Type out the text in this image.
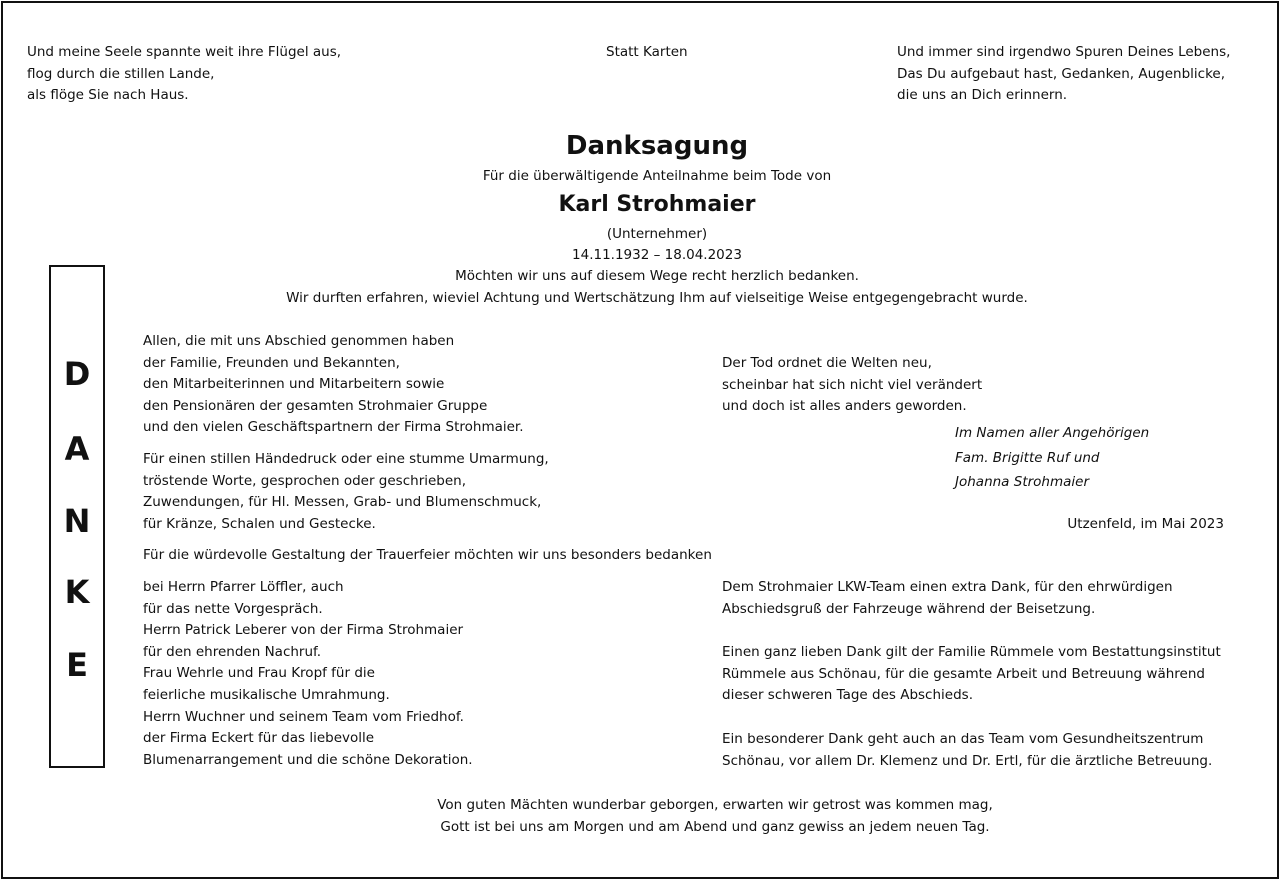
Und meine Seele spannte weit ihre Flügel aus,
flog durch die stillen Lande,
als flöge Sie nach Haus.
Statt Karten	Und immer sind irgendwo Spuren Deines Lebens,
Das Du aufgebaut hast, Gedanken, Augenblicke,
die uns an Dich erinnern.
Danksagung
Für die überwältigende Anteilnahme beim Tode von
Karl Strohmaier
(Unternehmer)
14.11.1932 – 18.04.2023
Möchten wir uns auf diesem Wege recht herzlich bedanken.
Wir durften erfahren, wieviel Achtung und Wertschätzung Ihm auf vielseitige Weise entgegengebracht wurde.
D
A
N
K
E
Allen, die mit uns Abschied genommen haben
der Familie, Freunden und Bekannten,
den Mitarbeiterinnen und Mitarbeitern sowie
den Pensionären der gesamten Strohmaier Gruppe
und den vielen Geschäftspartnern der Firma Strohmaier.
Für einen stillen Händedruck oder eine stumme Umarmung,
tröstende Worte, gesprochen oder geschrieben,
Zuwendungen, für Hl. Messen, Grab- und Blumenschmuck,
für Kränze, Schalen und Gestecke.
Für die würdevolle Gestaltung der Trauerfeier möchten wir uns besonders bedanken
bei Herrn Pfarrer Löffler, auch
für das nette Vorgespräch.
Herrn Patrick Leberer von der Firma Strohmaier
für den ehrenden Nachruf.
Frau Wehrle und Frau Kropf für die
feierliche musikalische Umrahmung.
Herrn Wuchner und seinem Team vom Friedhof.
der Firma Eckert für das liebevolle
Blumenarrangement und die schöne Dekoration.
Der Tod ordnet die Welten neu,
scheinbar hat sich nicht viel verändert
und doch ist alles anders geworden.
Im Namen aller Angehörigen
Fam. Brigitte Ruf und
Johanna Strohmaier
Utzenfeld, im Mai 2023
Dem Strohmaier LKW-Team einen extra Dank, für den ehrwürdigen
Abschiedsgruß der Fahrzeuge während der Beisetzung.
Einen ganz lieben Dank gilt der Familie Rümmele vom Bestattungsinstitut
Rümmele aus Schönau, für die gesamte Arbeit und Betreuung während
dieser schweren Tage des Abschieds.
Ein besonderer Dank geht auch an das Team vom Gesundheitszentrum
Schönau, vor allem Dr. Klemenz und Dr. Ertl, für die ärztliche Betreuung.
Von guten Mächten wunderbar geborgen, erwarten wir getrost was kommen mag,
Gott ist bei uns am Morgen und am Abend und ganz gewiss an jedem neuen Tag.
